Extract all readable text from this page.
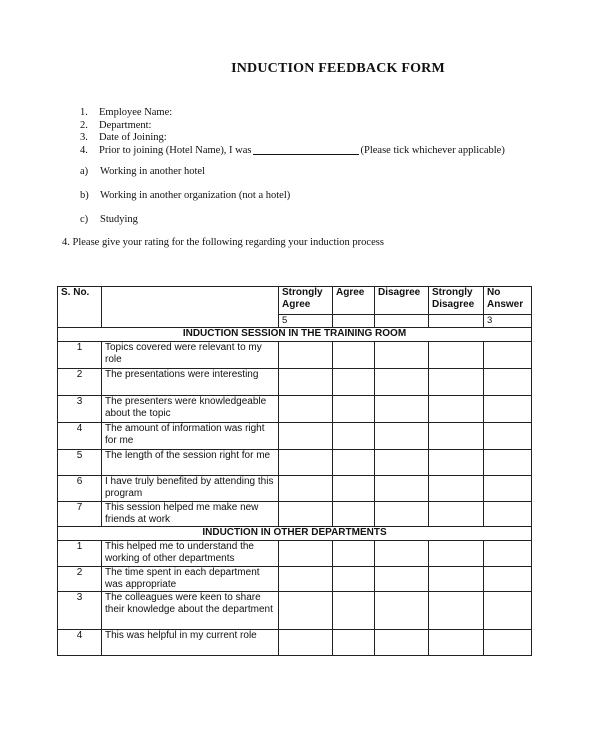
INDUCTION FEEDBACK FORM
1.	Employee Name:
2.	Department:
3.	Date of Joining:
4.	Prior to joining (Hotel Name), I was	(Please tick whichever applicable)
a)	Working in another hotel
b)	Working in another organization (not a hotel)
c)	Studying
4. Please give your rating for the following regarding your induction process
S. No.		Strongly Agree	Agree	Disagree	Strongly Disagree	No Answer
		5				3
INDUCTION SESSION IN THE TRAINING ROOM						
1	Topics covered were relevant to my role					
2	The presentations were interesting					
3	The presenters were knowledgeable about the topic					
4	The amount of information was right for me					
5	The length of the session right for me					
6	I have truly benefited by attending this program					
7	This session helped me make new friends at work					
INDUCTION IN OTHER DEPARTMENTS						
1	This helped me to understand the working of other departments					
2	The time spent in each department was appropriate					
3	The colleagues were keen to share their knowledge about the department					
4	This was helpful in my current role					
